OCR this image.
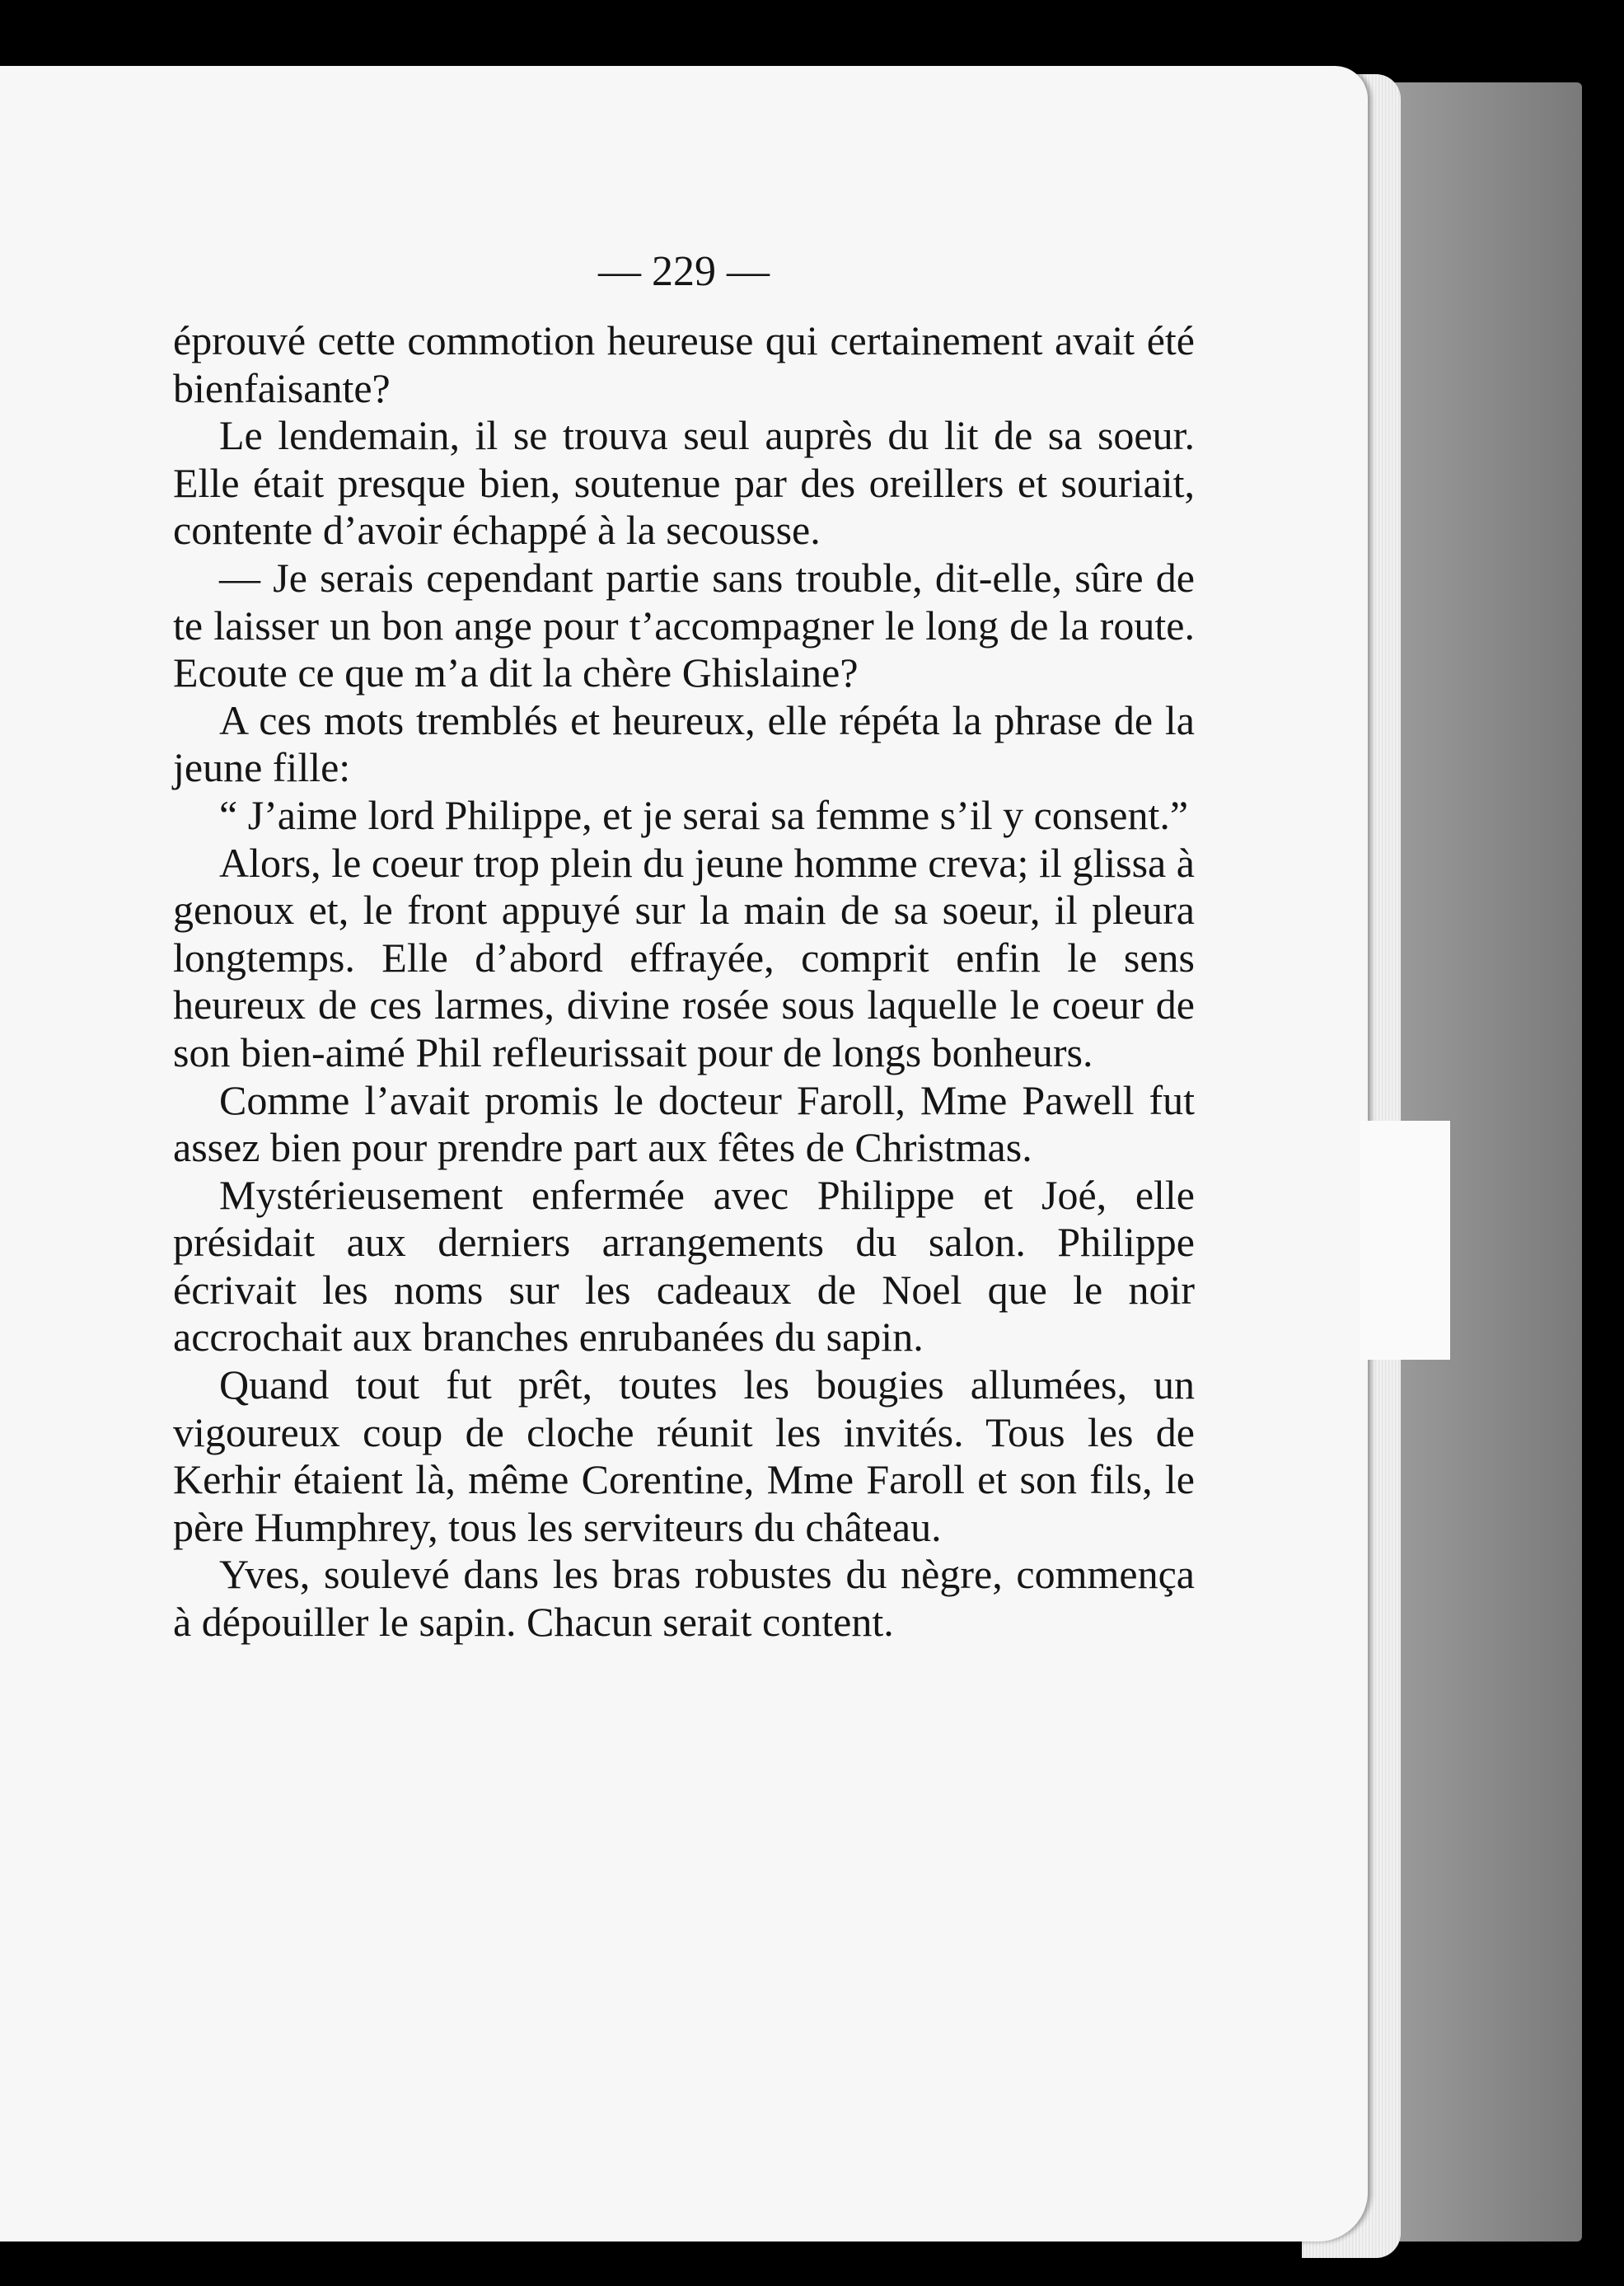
— 229 —

éprouvé cette commotion heureuse qui certainement avait été bienfaisante?

Le lendemain, il se trouva seul auprès du lit de sa soeur. Elle était presque bien, soutenue par des oreillers et souriait, contente d’avoir échappé à la secousse.

— Je serais cependant partie sans trouble, dit-elle, sûre de te laisser un bon ange pour t’accompagner le long de la route. Ecoute ce que m’a dit la chère Ghislaine?

A ces mots tremblés et heureux, elle répéta la phrase de la jeune fille:

“ J’aime lord Philippe, et je serai sa femme s’il y consent.”

Alors, le coeur trop plein du jeune homme creva; il glissa à genoux et, le front appuyé sur la main de sa soeur, il pleura longtemps. Elle d’abord effrayée, comprit enfin le sens heureux de ces larmes, divine rosée sous laquelle le coeur de son bien-aimé Phil refleurissait pour de longs bonheurs.

Comme l’avait promis le docteur Faroll, Mme Pawell fut assez bien pour prendre part aux fêtes de Christmas.

Mystérieusement enfermée avec Philippe et Joé, elle présidait aux derniers arrangements du salon. Philippe écrivait les noms sur les cadeaux de Noel que le noir accrochait aux branches enrubanées du sapin.

Quand tout fut prêt, toutes les bougies allumées, un vigoureux coup de cloche réunit les invités. Tous les de Kerhir étaient là, même Corentine, Mme Faroll et son fils, le père Humphrey, tous les serviteurs du château.

Yves, soulevé dans les bras robustes du nègre, commença à dépouiller le sapin. Chacun serait content.
